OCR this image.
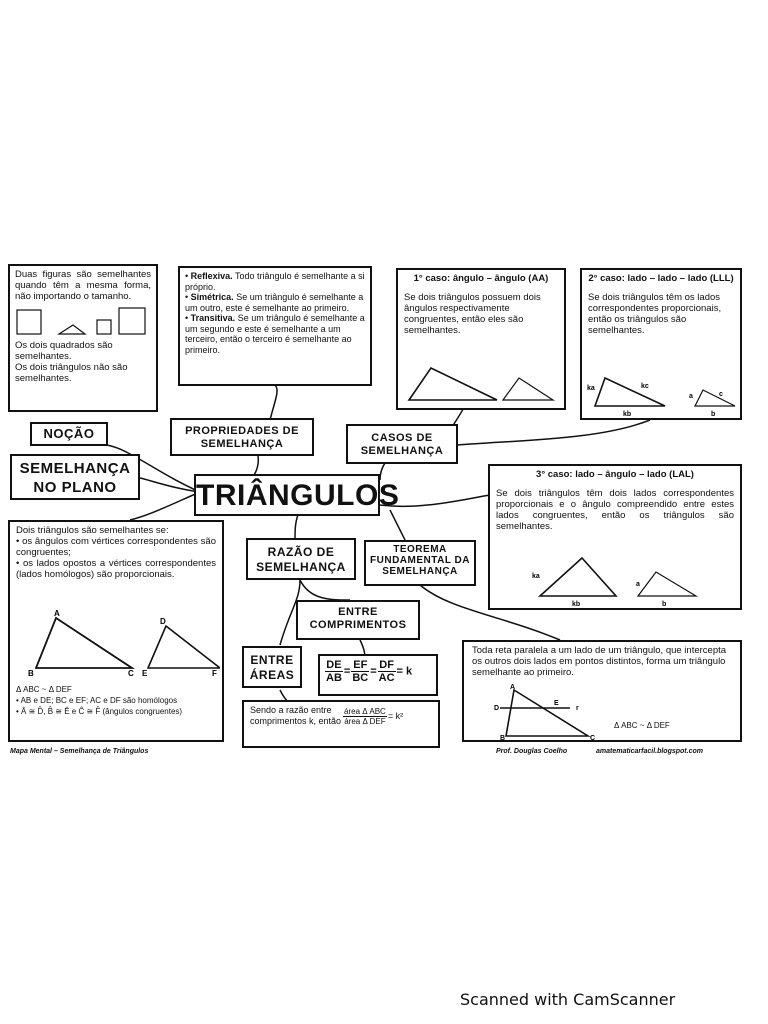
Duas figuras são semelhantes quando têm a mesma forma, não importando o tamanho.

Os dois quadrados são semelhantes.

Os dois triângulos não são semelhantes.

NOÇÃO
SEMELHANÇA NO PLANO

• Reflexiva. Todo triângulo é semelhante a si próprio.

• Simétrica. Se um triângulo é semelhante a um outro, este é semelhante ao primeiro.

• Transitiva. Se um triângulo é semelhante a um segundo e este é semelhante a um terceiro, então o terceiro é semelhante ao primeiro.

PROPRIEDADES DE SEMELHANÇA

1° caso: ângulo – ângulo (AA)

Se dois triângulos possuem dois ângulos respectivamente congruentes, então eles são semelhantes.

2° caso: lado – lado – lado (LLL)

Se dois triângulos têm os lados correspondentes proporcionais, então os triângulos são semelhantes.

ka	kc
kb
a	c
b
CASOS DE SEMELHANÇA
TRIÂNGULOS

3° caso: lado – ângulo – lado (LAL)

Se dois triângulos têm dois lados correspondentes proporcionais e o ângulo compreendido entre estes lados congruentes, então os triângulos são semelhantes.

ka
kb
a
b

Dois triângulos são semelhantes se:

• os ângulos com vértices correspondentes são congruentes;

• os lados opostos a vértices correspondentes (lados homólogos) são proporcionais.

A
B	C
D
E	F

Δ ABC ~ Δ DEF

• AB e DE; BC e EF; AC e DF são homólogos

• Â ≅ D̂, B̂ ≅ Ê e Ĉ ≅ F̂ (ângulos congruentes)

RAZÃO DE SEMELHANÇA
TEOREMA FUNDAMENTAL DA SEMELHANÇA
ENTRE COMPRIMENTOS
ENTRE ÁREAS	$\frac{DE}{AB} = \frac{EF}{BC} = \frac{DF}{AC} = k$
Sendo a razão entre comprimentos k, então $\frac{\text{área Δ ABC}}{\text{área Δ DEF}} = k^2$

Toda reta paralela a um lado de um triângulo, que intercepta os outros dois lados em pontos distintos, forma um triângulo semelhante ao primeiro.

A
D
E
B	C
r
Δ ABC ~ Δ DEF
Mapa Mental – Semelhança de Triângulos	Prof. Douglas Coelho	amatematicarfacil.blogspot.com
Scanned with CamScanner
